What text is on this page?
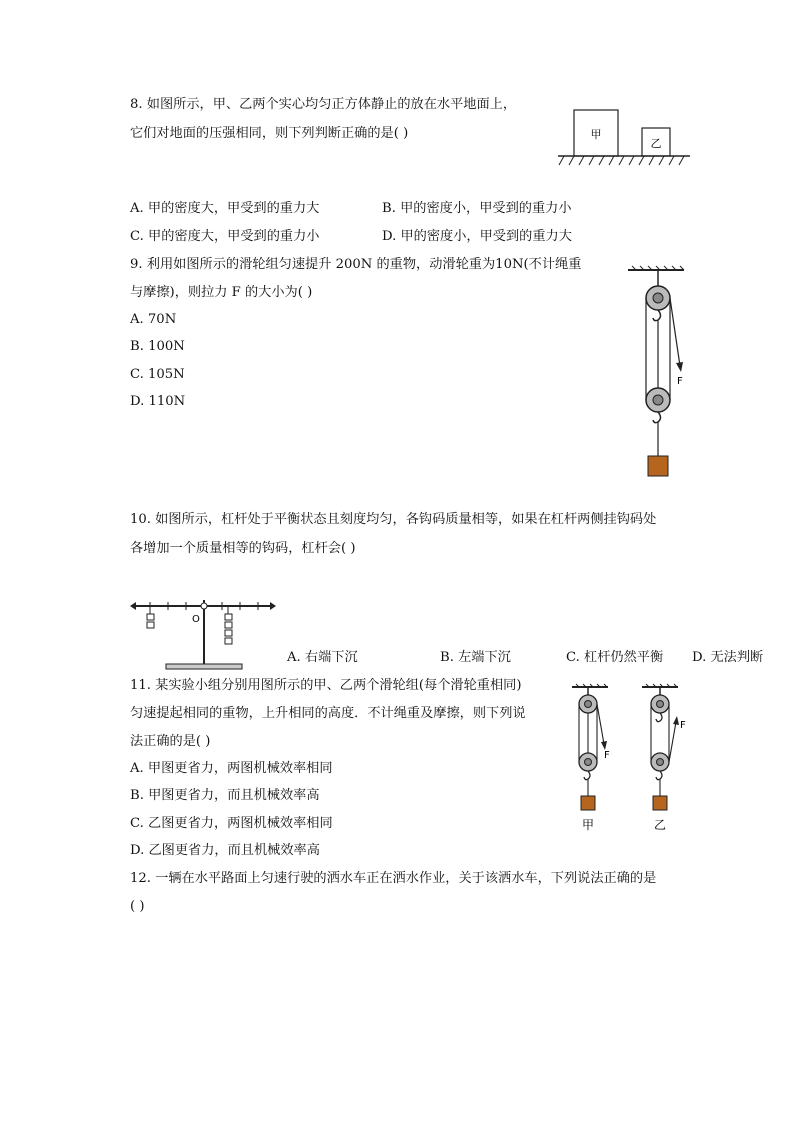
8. 如图所示，甲、乙两个实心均匀正方体静止的放在水平地面上，
它们对地面的压强相同，则下列判断正确的是( )	甲
乙
A. 甲的密度大，甲受到的重力大	B. 甲的密度小，甲受到的重力小
C. 甲的密度大，甲受到的重力小	D. 甲的密度小，甲受到的重力大
9. 利用如图所示的滑轮组匀速提升 200N 的重物，动滑轮重为10N(不计绳重
与摩擦)，则拉力 F 的大小为( )
A. 70N
B. 100N
C. 105N
D. 110N
F
10. 如图所示，杠杆处于平衡状态且刻度均匀，各钩码质量相等，如果在杠杆两侧挂钩码处
各增加一个质量相等的钩码，杠杆会( )
O
A. 右端下沉	B. 左端下沉	C. 杠杆仍然平衡 D. 无法判断
11. 某实验小组分别用图所示的甲、乙两个滑轮组(每个滑轮重相同)
匀速提起相同的重物，上升相同的高度．不计绳重及摩擦，则下列说
法正确的是( )
A. 甲图更省力，两图机械效率相同
B. 甲图更省力，而且机械效率高
C. 乙图更省力，两图机械效率相同
D. 乙图更省力，而且机械效率高
F
甲
F
乙
12. 一辆在水平路面上匀速行驶的洒水车正在洒水作业，关于该洒水车，下列说法正确的是
( )
